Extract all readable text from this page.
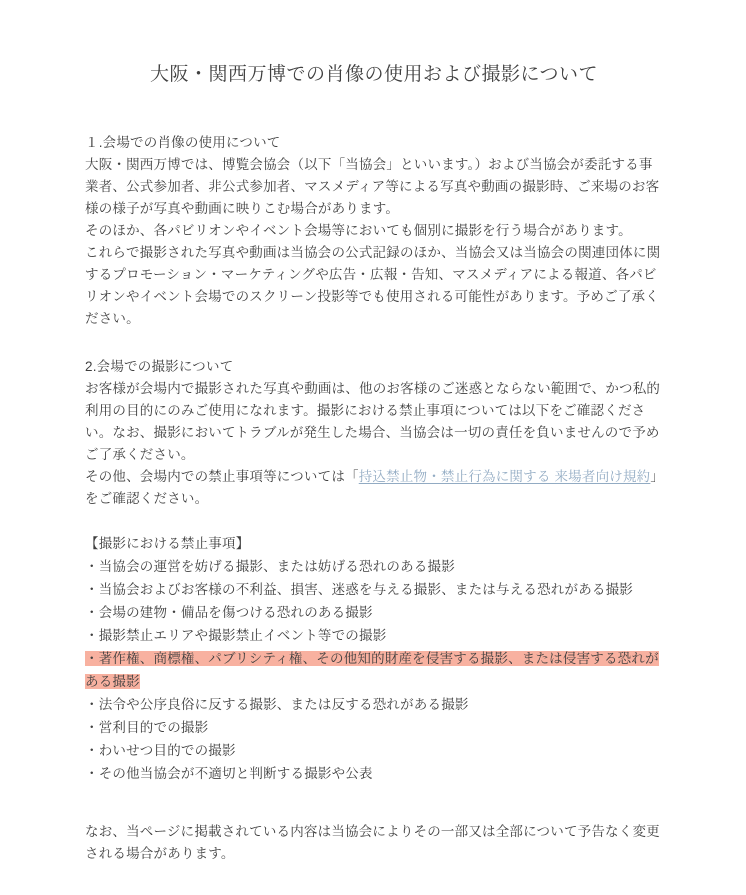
大阪・関西万博での肖像の使用および撮影について

１.会場での肖像の使用について

大阪・関西万博では、博覧会協会（以下「当協会」といいます。）および当協会が委託する事業者、公式参加者、非公式参加者、マスメディア等による写真や動画の撮影時、ご来場のお客様の様子が写真や動画に映りこむ場合があります。

そのほか、各パビリオンやイベント会場等においても個別に撮影を行う場合があります。

これらで撮影された写真や動画は当協会の公式記録のほか、当協会又は当協会の関連団体に関するプロモーション・マーケティングや広告・広報・告知、マスメディアによる報道、各パビリオンやイベント会場でのスクリーン投影等でも使用される可能性があります。予めご了承ください。

2.会場での撮影について

お客様が会場内で撮影された写真や動画は、他のお客様のご迷惑とならない範囲で、かつ私的利用の目的にのみご使用になれます。撮影における禁止事項については以下をご確認ください。なお、撮影においてトラブルが発生した場合、当協会は一切の責任を負いませんので予めご了承ください。

その他、会場内での禁止事項等については「持込禁止物・禁止行為に関する 来場者向け規約」をご確認ください。

【撮影における禁止事項】

・当協会の運営を妨げる撮影、または妨げる恐れのある撮影

・当協会およびお客様の不利益、損害、迷惑を与える撮影、または与える恐れがある撮影

・会場の建物・備品を傷つける恐れのある撮影

・撮影禁止エリアや撮影禁止イベント等での撮影

・著作権、商標権、パブリシティ権、その他知的財産を侵害する撮影、または侵害する恐れがある撮影

・法令や公序良俗に反する撮影、または反する恐れがある撮影

・営利目的での撮影

・わいせつ目的での撮影

・その他当協会が不適切と判断する撮影や公表

なお、当ページに掲載されている内容は当協会によりその一部又は全部について予告なく変更される場合があります。
